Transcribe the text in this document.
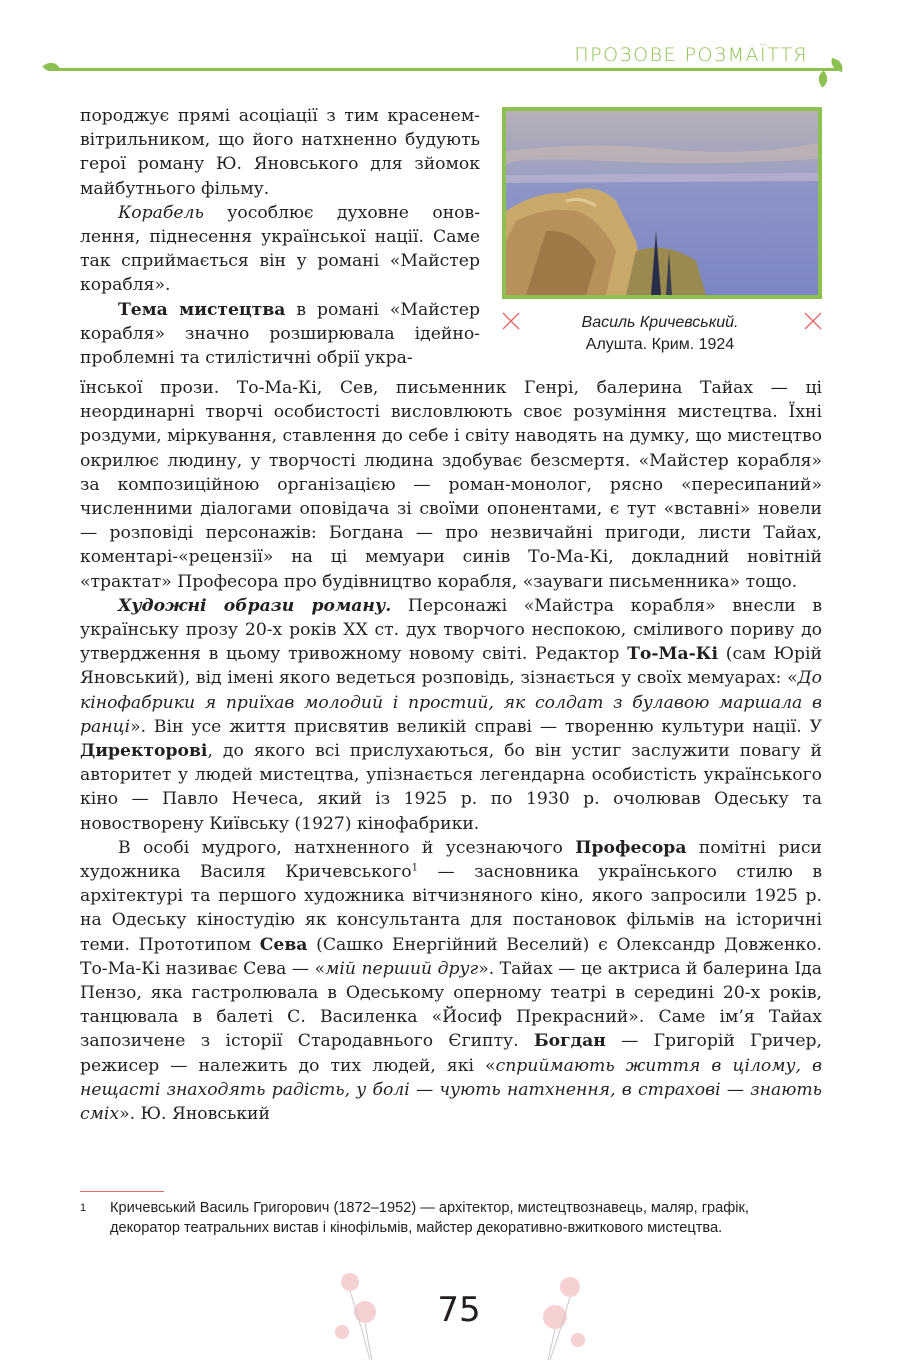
ПРОЗОВЕ РОЗМАЇТТЯ
Василь Кричевський.
Алушта. Крим. 1924

породжує прямі асоціації з тим красенем-вітрильником, що його натхненно будують герої роману Ю. Яновського для зйомок майбутнього фільму.

Корабель уособлює духовне оновлення, піднесення української нації. Саме так сприймається він у романі «Майстер корабля».

Тема мистецтва в романі «Майстер корабля» значно розширювала ідейно-проблемні та стилістичні обрії укра-

їнської прози. То-Ма-Кі, Сев, письменник Генрі, балерина Тайах — ці неординарні творчі особистості висловлюють своє розуміння мистецтва. Їхні роздуми, міркування, ставлення до себе і світу наводять на думку, що мистецтво окрилює людину, у творчості людина здобуває безсмертя. «Майстер корабля» за композиційною організацією — роман-монолог, рясно «пересипаний» численними діалогами оповідача зі своїми опонентами, є тут «вставні» новели — розповіді персонажів: Богдана — про незвичайні пригоди, листи Тайах, коментарі-«рецензії» на ці мемуари синів То-Ма-Кі, докладний новітній «трактат» Професора про будівництво корабля, «зауваги письменника» тощо.

Художні образи роману. Персонажі «Майстра корабля» внесли в українську прозу 20-х років XX ст. дух творчого неспокою, сміливого пориву до утвердження в цьому тривожному новому світі. Редактор То-Ма-Кі (сам Юрій Яновський), від імені якого ведеться розповідь, зізнається у своїх мемуарах: «До кінофабрики я приїхав молодий і простий, як солдат з булавою маршала в ранці». Він усе життя присвятив великій справі — творенню культури нації. У Директорові, до якого всі прислухаються, бо він устиг заслужити повагу й авторитет у людей мистецтва, упізнається легендарна особистість українського кіно — Павло Нечеса, який із 1925 р. по 1930 р. очолював Одеську та новостворену Київську (1927) кінофабрики.

В особі мудрого, натхненного й усезнаючого Професора помітні риси художника Василя Кричевського$^1$ — засновника українського стилю в архітектурі та першого художника вітчизняного кіно, якого запросили 1925 р. на Одеську кіностудію як консультанта для постановок фільмів на історичні теми. Прототипом Сева (Сашко Енергійний Веселий) є Олександр Довженко. То-Ма-Кі називає Сева — «мій перший друг». Тайах — це актриса й балерина Іда Пензо, яка гастролювала в Одеському оперному театрі в середині 20-х років, танцювала в балеті С. Василенка «Йосиф Прекрасний». Саме ім’я Тайах запозичене з історії Стародавнього Єгипту. Богдан — Григорій Гричер, режисер — належить до тих людей, які «сприймають життя в цілому, в нещасті знаходять радість, у болі — чують натхнення, в страхові — знають сміх». Ю. Яновський

1 Кричевський Василь Григорович (1872–1952) — архітектор, мистецтвознавець, маляр, графік, декоратор театральних вистав і кінофільмів, майстер декоративно-вжиткового мистецтва.
75
